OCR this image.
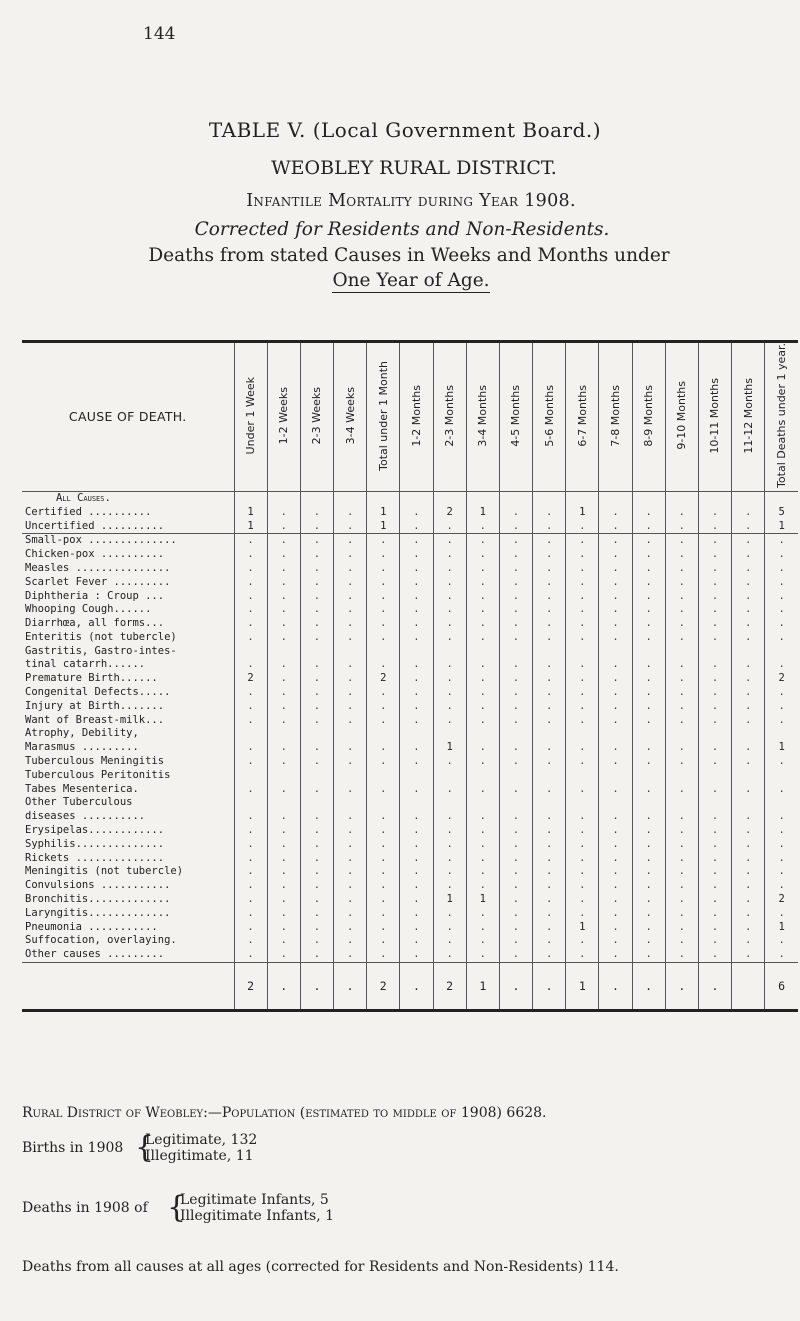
144
TABLE V. (Local Government Board.)
WEOBLEY RURAL DISTRICT.
Infantile Mortality during Year 1908.
Corrected for Residents and Non-Residents.
Deaths from stated Causes in Weeks and Months under
One Year of Age.
CAUSE OF DEATH.	Under 1 Week	1-2 Weeks	2-3 Weeks	3-4 Weeks	Total under 1 Month	1-2 Months	2-3 Months	3-4 Months	4-5 Months	5-6 Months	6-7 Months	7-8 Months	8-9 Months	9-10 Months	10-11 Months	11-12 Months	Total Deaths under 1 year.
All Causes.																	
Certified ..........	1	.	.	.	1	.	2	1	.	.	1	.	.	.	.	.	5
Uncertified ..........	1	.	.	.	1	.	.	.	.	.	.	.	.	.	.	.	1
Small-pox ..............	.	.	.	.	.	.	.	.	.	.	.	.	.	.	.	.	.
Chicken-pox ..........	.	.	.	.	.	.	.	.	.	.	.	.	.	.	.	.	.
Measles ...............	.	.	.	.	.	.	.	.	.	.	.	.	.	.	.	.	.
Scarlet Fever .........	.	.	.	.	.	.	.	.	.	.	.	.	.	.	.	.	.
Diphtheria : Croup ...	.	.	.	.	.	.	.	.	.	.	.	.	.	.	.	.	.
Whooping Cough......	.	.	.	.	.	.	.	.	.	.	.	.	.	.	.	.	.
Diarrhœa, all forms...	.	.	.	.	.	.	.	.	.	.	.	.	.	.	.	.	.
Enteritis (not tubercle)	.	.	.	.	.	.	.	.	.	.	.	.	.	.	.	.	.
Gastritis, Gastro-intes-																	
tinal catarrh......	.	.	.	.	.	.	.	.	.	.	.	.	.	.	.	.	.
Premature Birth......	2	.	.	.	2	.	.	.	.	.	.	.	.	.	.	.	2
Congenital Defects.....	.	.	.	.	.	.	.	.	.	.	.	.	.	.	.	.	.
Injury at Birth.......	.	.	.	.	.	.	.	.	.	.	.	.	.	.	.	.	.
Want of Breast-milk...	.	.	.	.	.	.	.	.	.	.	.	.	.	.	.	.	.
Atrophy, Debility,																	
Marasmus .........	.	.	.	.	.	.	1	.	.	.	.	.	.	.	.	.	1
Tuberculous Meningitis	.	.	.	.	.	.	.	.	.	.	.	.	.	.	.	.	.
Tuberculous Peritonitis																	
Tabes Mesenterica.	.	.	.	.	.	.	.	.	.	.	.	.	.	.	.	.	.
Other Tuberculous																	
diseases ..........	.	.	.	.	.	.	.	.	.	.	.	.	.	.	.	.	.
Erysipelas............	.	.	.	.	.	.	.	.	.	.	.	.	.	.	.	.	.
Syphilis..............	.	.	.	.	.	.	.	.	.	.	.	.	.	.	.	.	.
Rickets ..............	.	.	.	.	.	.	.	.	.	.	.	.	.	.	.	.	.
Meningitis (not tubercle)	.	.	.	.	.	.	.	.	.	.	.	.	.	.	.	.	.
Convulsions ...........	.	.	.	.	.	.	.	.	.	.	.	.	.	.	.	.	.
Bronchitis.............	.	.	.	.	.	.	1	1	.	.	.	.	.	.	.	.	2
Laryngitis.............	.	.	.	.	.	.	.	.	.	.	.	.	.	.	.	.	.
Pneumonia ...........	.	.	.	.	.	.	.	.	.	.	1	.	.	.	.	.	1
Suffocation, overlaying.	.	.	.	.	.	.	.	.	.	.	.	.	.	.	.	.	.
Other causes .........	.	.	.	.	.	.	.	.	.	.	.	.	.	.	.	.	.
	2	.	.	.	2	.	2	1	.	.	1	.	.	.	.		6
Rural District of Weobley:—Population (estimated to middle of 1908) 6628.
Births in 1908 {
Legitimate, 132
Illegitimate, 11
Deaths in 1908 of {
Legitimate Infants, 5
Illegitimate Infants, 1
Deaths from all causes at all ages (corrected for Residents and Non-Residents) 114.
